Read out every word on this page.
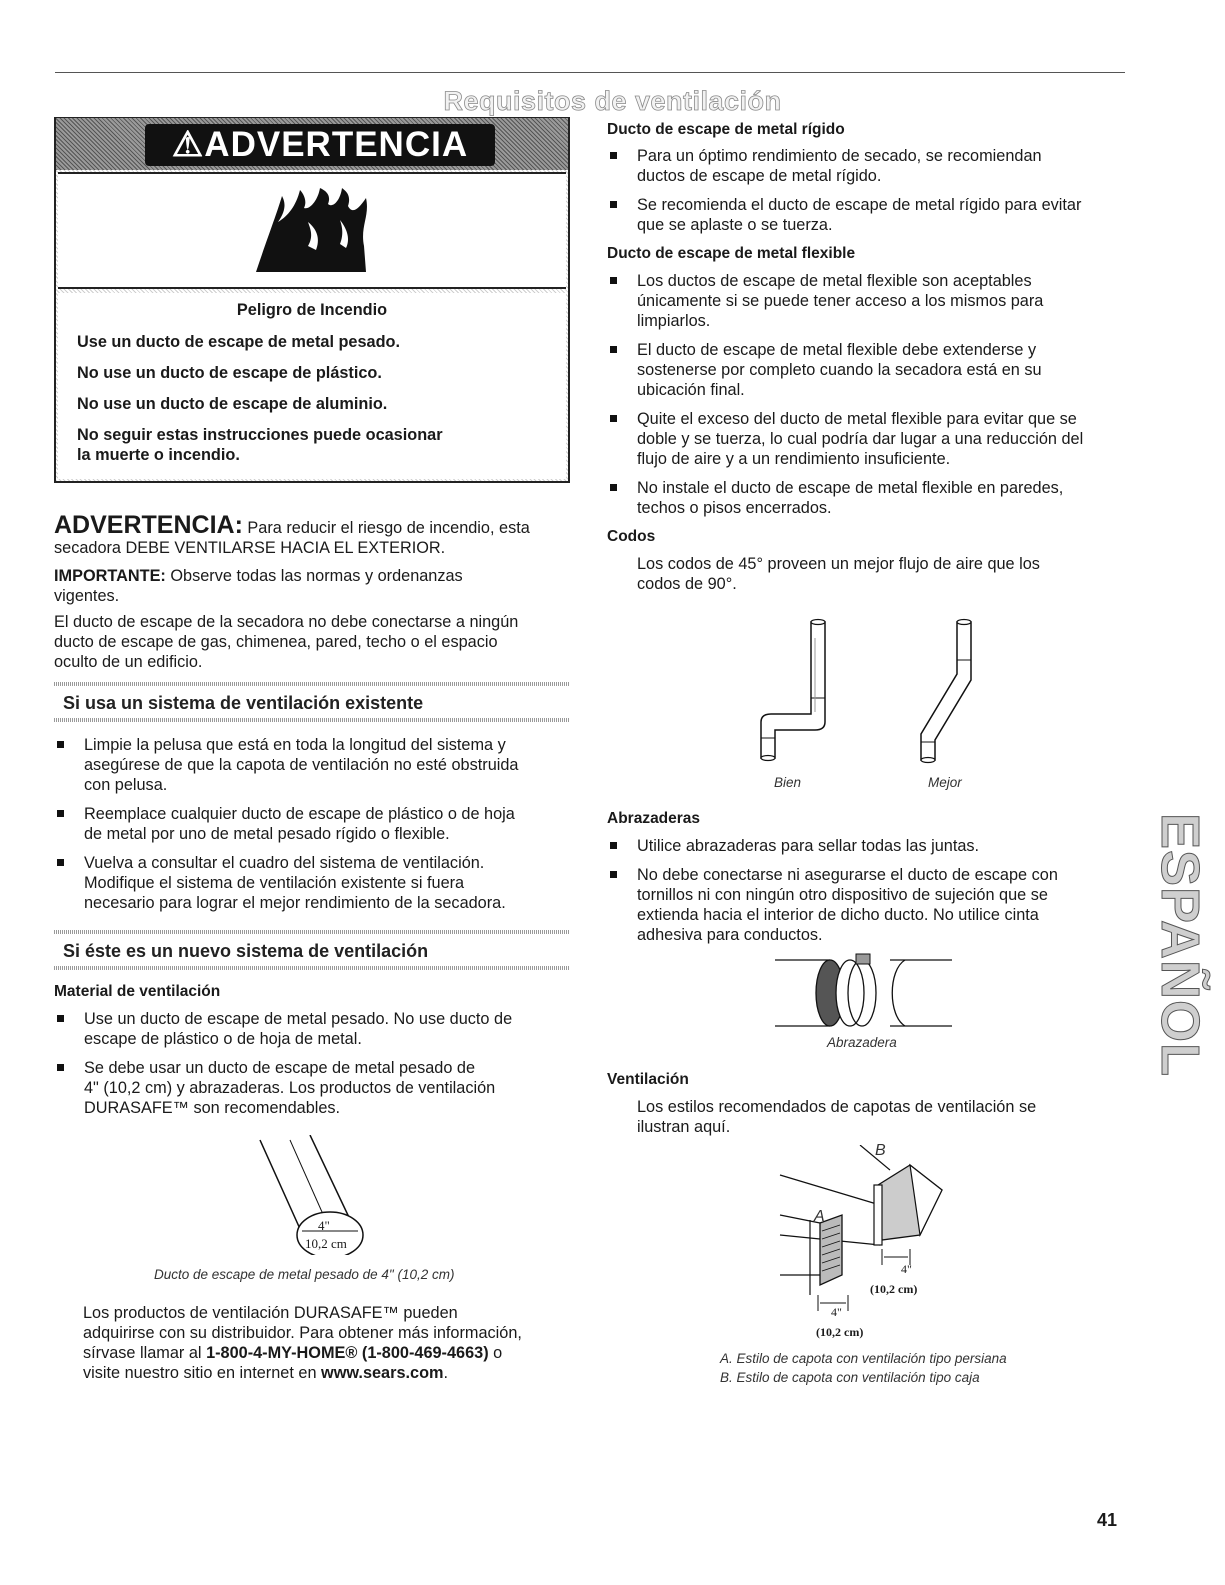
Requisitos de ventilación
⚠ADVERTENCIA
Peligro de Incendio
Use un ducto de escape de metal pesado.
No use un ducto de escape de plástico.
No use un ducto de escape de aluminio.
No seguir estas instrucciones puede ocasionar
la muerte o incendio.

ADVERTENCIA: Para reducir el riesgo de incendio, esta

secadora DEBE VENTILARSE HACIA EL EXTERIOR.

IMPORTANTE: Observe todas las normas y ordenanzas

vigentes.

El ducto de escape de la secadora no debe conectarse a ningún

ducto de escape de gas, chimenea, pared, techo o el espacio

oculto de un edificio.

Si usa un sistema de ventilación existente
Limpie la pelusa que está en toda la longitud del sistema y
asegúrese de que la capota de ventilación no esté obstruida
con pelusa.
Reemplace cualquier ducto de escape de plástico o de hoja
de metal por uno de metal pesado rígido o flexible.
Vuelva a consultar el cuadro del sistema de ventilación.
Modifique el sistema de ventilación existente si fuera
necesario para lograr el mejor rendimiento de la secadora.
Si éste es un nuevo sistema de ventilación
Material de ventilación
Use un ducto de escape de metal pesado. No use ducto de
escape de plástico o de hoja de metal.
Se debe usar un ducto de escape de metal pesado de
4" (10,2 cm) y abrazaderas. Los productos de ventilación
DURASAFE™ son recomendables.
4"
10,2 cm
Ducto de escape de metal pesado de 4" (10,2 cm)

Los productos de ventilación DURASAFE™ pueden

adquirirse con su distribuidor. Para obtener más información,

sírvase llamar al 1-800-4-MY-HOME® (1-800-469-4663) o

visite nuestro sitio en internet en www.sears.com.

Ducto de escape de metal rígido
Para un óptimo rendimiento de secado, se recomiendan
ductos de escape de metal rígido.
Se recomienda el ducto de escape de metal rígido para evitar
que se aplaste o se tuerza.
Ducto de escape de metal flexible
Los ductos de escape de metal flexible son aceptables
únicamente si se puede tener acceso a los mismos para
limpiarlos.
El ducto de escape de metal flexible debe extenderse y
sostenerse por completo cuando la secadora está en su
ubicación final.
Quite el exceso del ducto de metal flexible para evitar que se
doble y se tuerza, lo cual podría dar lugar a una reducción del
flujo de aire y a un rendimiento insuficiente.
No instale el ducto de escape de metal flexible en paredes,
techos o pisos encerrados.
Codos

Los codos de 45° proveen un mejor flujo de aire que los

codos de 90°.

Bien	Mejor
Abrazaderas
Utilice abrazaderas para sellar todas las juntas.
No debe conectarse ni asegurarse el ducto de escape con
tornillos ni con ningún otro dispositivo de sujeción que se
extienda hacia el interior de dicho ducto. No utilice cinta
adhesiva para conductos.
Abrazadera
Ventilación

Los estilos recomendados de capotas de ventilación se

ilustran aquí.

B
A
4"
(10,2 cm)
4"
(10,2 cm)
A. Estilo de capota con ventilación tipo persiana
B. Estilo de capota con ventilación tipo caja
ESPAÑOL
41
